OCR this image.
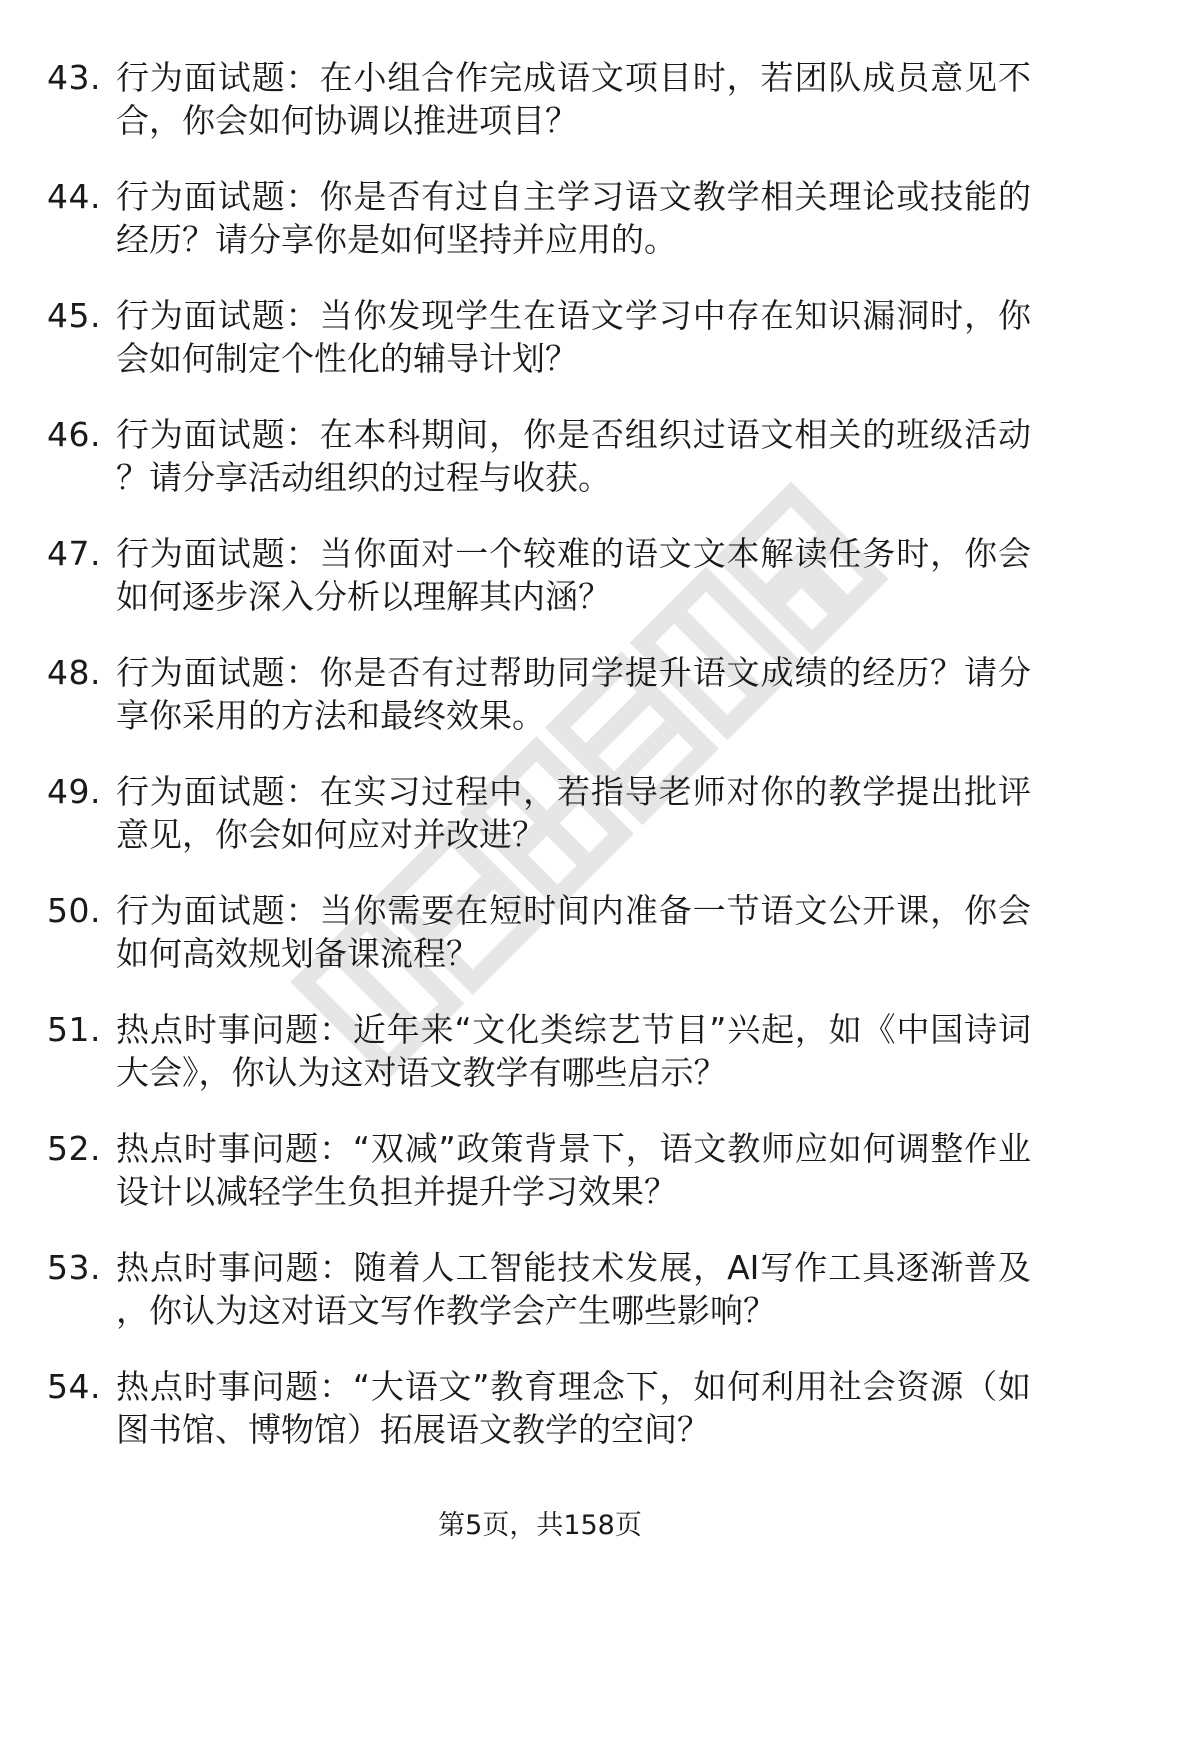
43. 行为面试题：在小组合作完成语文项目时，若团队成员意见不合，你会如何协调以推进项目？
44. 行为面试题：你是否有过自主学习语文教学相关理论或技能的经历？请分享你是如何坚持并应用的。
45. 行为面试题：当你发现学生在语文学习中存在知识漏洞时，你会如何制定个性化的辅导计划？
46. 行为面试题：在本科期间，你是否组织过语文相关的班级活动？请分享活动组织的过程与收获。
47. 行为面试题：当你面对一个较难的语文文本解读任务时，你会如何逐步深入分析以理解其内涵？
48. 行为面试题：你是否有过帮助同学提升语文成绩的经历？请分享你采用的方法和最终效果。
49. 行为面试题：在实习过程中，若指导老师对你的教学提出批评意见，你会如何应对并改进？
50. 行为面试题：当你需要在短时间内准备一节语文公开课，你会如何高效规划备课流程？
51. 热点时事问题：近年来“文化类综艺节目”兴起，如《中国诗词大会》，你认为这对语文教学有哪些启示？
52. 热点时事问题：“双减”政策背景下，语文教师应如何调整作业设计以减轻学生负担并提升学习效果？
53. 热点时事问题：随着人工智能技术发展，AI写作工具逐渐普及，你认为这对语文写作教学会产生哪些影响？
54. 热点时事问题：“大语文”教育理念下，如何利用社会资源（如图书馆、博物馆）拓展语文教学的空间？
第5页，共158页
